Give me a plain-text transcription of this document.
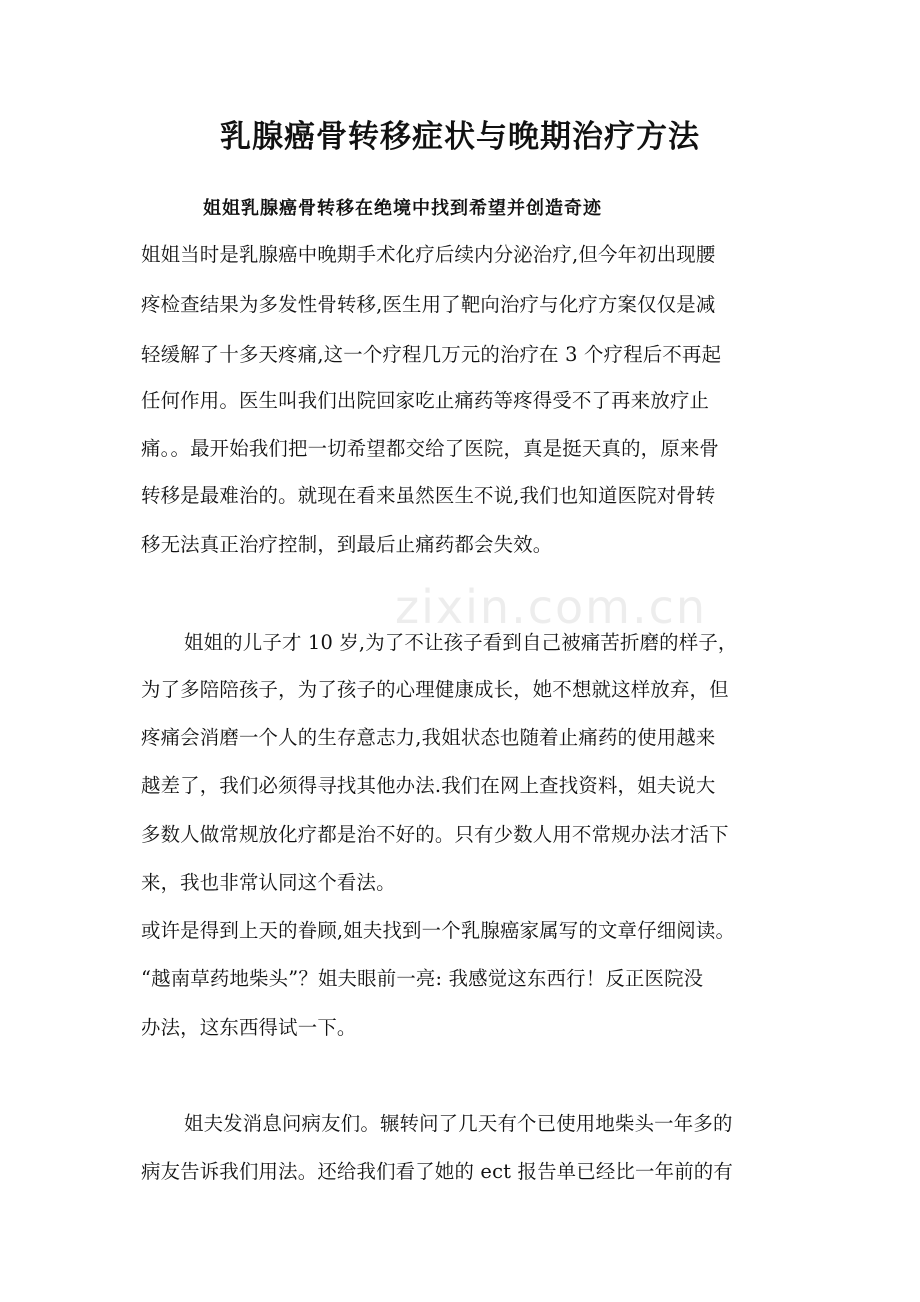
zixin.com.cn
乳腺癌骨转移症状与晚期治疗方法
姐姐乳腺癌骨转移在绝境中找到希望并创造奇迹
姐姐当时是乳腺癌中晚期手术化疗后续内分泌治疗,但今年初出现腰
疼检查结果为多发性骨转移,医生用了靶向治疗与化疗方案仅仅是减
轻缓解了十多天疼痛,这一个疗程几万元的治疗在 3 个疗程后不再起
任何作用。医生叫我们出院回家吃止痛药等疼得受不了再来放疗止
痛。。最开始我们把一切希望都交给了医院，真是挺天真的，原来骨
转移是最难治的。就现在看来虽然医生不说,我们也知道医院对骨转
移无法真正治疗控制，到最后止痛药都会失效。
姐姐的儿子才 10 岁,为了不让孩子看到自己被痛苦折磨的样子，
为了多陪陪孩子，为了孩子的心理健康成长，她不想就这样放弃，但
疼痛会消磨一个人的生存意志力,我姐状态也随着止痛药的使用越来
越差了，我们必须得寻找其他办法.我们在网上查找资料，姐夫说大
多数人做常规放化疗都是治不好的。只有少数人用不常规办法才活下
来，我也非常认同这个看法。
或许是得到上天的眷顾,姐夫找到一个乳腺癌家属写的文章仔细阅读。
“越南草药地柴头”？姐夫眼前一亮: 我感觉这东西行！反正医院没
办法，这东西得试一下。
姐夫发消息问病友们。辗转问了几天有个已使用地柴头一年多的
病友告诉我们用法。还给我们看了她的 ect 报告单已经比一年前的有
